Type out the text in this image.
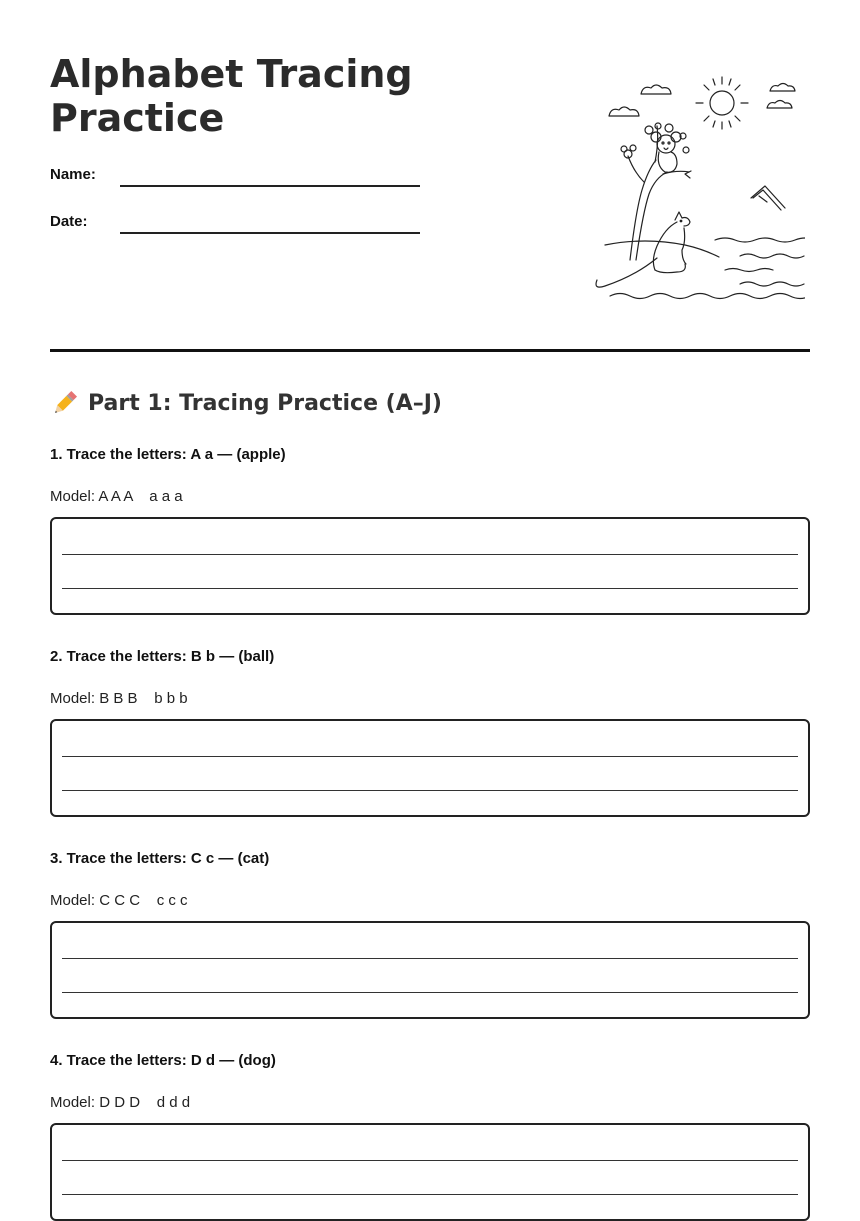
Alphabet Tracing
Practice
Name:
Date:
Part 1: Tracing Practice (A–J)
1. Trace the letters: A a — (apple)
Model: A A A    a a a
2. Trace the letters: B b — (ball)
Model: B B B    b b b
3. Trace the letters: C c — (cat)
Model: C C C    c c c
4. Trace the letters: D d — (dog)
Model: D D D    d d d
